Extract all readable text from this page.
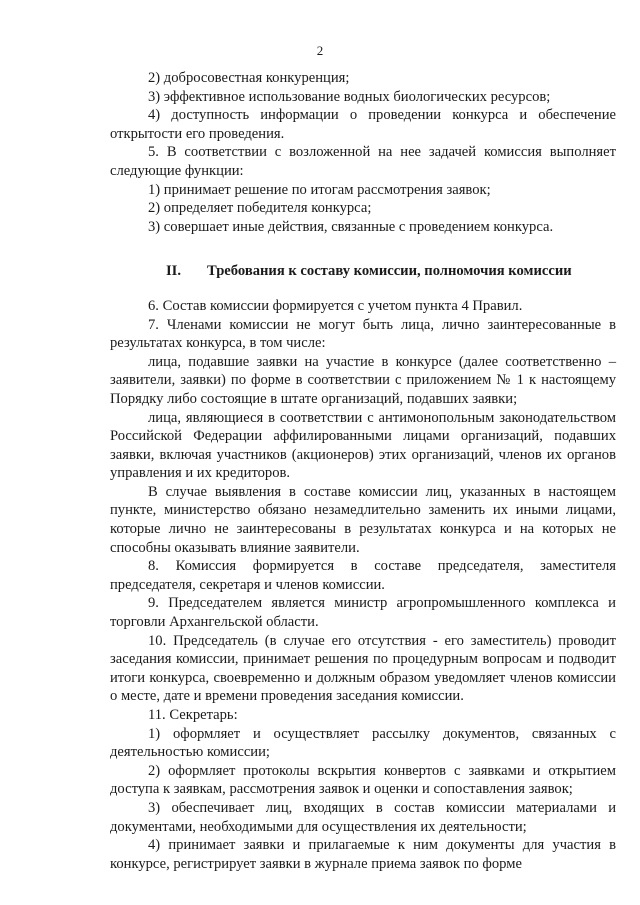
2

2) добросовестная конкуренция;

3) эффективное использование водных биологических ресурсов;

4) доступность информации о проведении конкурса и обеспечение открытости его проведения.

5. В соответствии с возложенной на нее задачей комиссия выполняет следующие функции:

1) принимает решение по итогам рассмотрения заявок;

2) определяет победителя конкурса;

3) совершает иные действия, связанные с проведением конкурса.

II. Требования к составу комиссии, полномочия комиссии

6. Состав комиссии формируется с учетом пункта 4 Правил.

7. Членами комиссии не могут быть лица, лично заинтересованные в результатах конкурса, в том числе:

лица, подавшие заявки на участие в конкурсе (далее соответственно – заявители, заявки) по форме в соответствии с приложением № 1 к настоящему Порядку либо состоящие в штате организаций, подавших заявки;

лица, являющиеся в соответствии с антимонопольным законодательством Российской Федерации аффилированными лицами организаций, подавших заявки, включая участников (акционеров) этих организаций, членов их органов управления и их кредиторов.

В случае выявления в составе комиссии лиц, указанных в настоящем пункте, министерство обязано незамедлительно заменить их иными лицами, которые лично не заинтересованы в результатах конкурса и на которых не способны оказывать влияние заявители.

8. Комиссия формируется в составе председателя, заместителя председателя, секретаря и членов комиссии.

9. Председателем является министр агропромышленного комплекса и торговли Архангельской области.

10. Председатель (в случае его отсутствия - его заместитель) проводит заседания комиссии, принимает решения по процедурным вопросам и подводит итоги конкурса, своевременно и должным образом уведомляет членов комиссии о месте, дате и времени проведения заседания комиссии.

11. Секретарь:

1) оформляет и осуществляет рассылку документов, связанных с деятельностью комиссии;

2) оформляет протоколы вскрытия конвертов с заявками и открытием доступа к заявкам, рассмотрения заявок и оценки и сопоставления заявок;

3) обеспечивает лиц, входящих в состав комиссии материалами и документами, необходимыми для осуществления их деятельности;

4) принимает заявки и прилагаемые к ним документы для участия в конкурсе, регистрирует заявки в журнале приема заявок по форме
